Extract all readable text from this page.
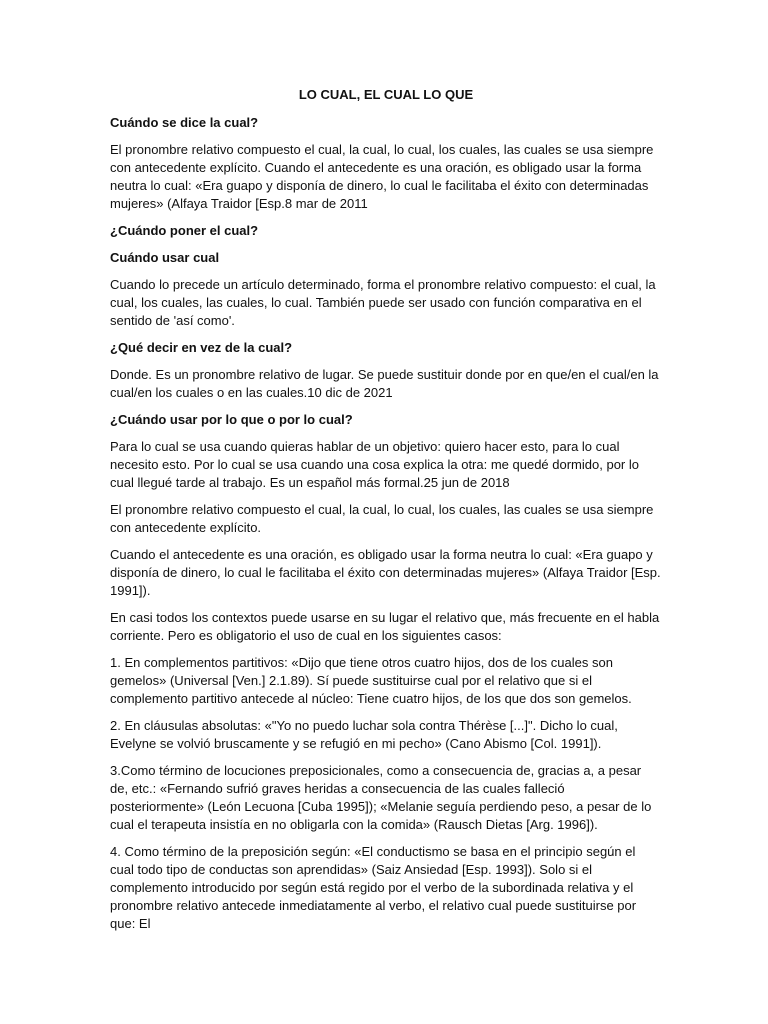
LO CUAL, EL CUAL LO QUE
Cuándo se dice la cual?
El pronombre relativo compuesto el cual, la cual, lo cual, los cuales, las cuales se usa siempre con antecedente explícito. Cuando el antecedente es una oración, es obligado usar la forma neutra lo cual: «Era guapo y disponía de dinero, lo cual le facilitaba el éxito con determinadas mujeres» (Alfaya Traidor [Esp.8 mar de 2011
¿Cuándo poner el cual?
Cuándo usar cual
Cuando lo precede un artículo determinado, forma el pronombre relativo compuesto: el cual, la cual, los cuales, las cuales, lo cual. También puede ser usado con función comparativa en el sentido de 'así como'.
¿Qué decir en vez de la cual?
Donde. Es un pronombre relativo de lugar. Se puede sustituir donde por en que/en el cual/en la cual/en los cuales o en las cuales.10 dic de 2021
¿Cuándo usar por lo que o por lo cual?
Para lo cual se usa cuando quieras hablar de un objetivo: quiero hacer esto, para lo cual necesito esto. Por lo cual se usa cuando una cosa explica la otra: me quedé dormido, por lo cual llegué tarde al trabajo. Es un español más formal.25 jun de 2018
El pronombre relativo compuesto el cual, la cual, lo cual, los cuales, las cuales se usa siempre con antecedente explícito.
Cuando el antecedente es una oración, es obligado usar la forma neutra lo cual: «Era guapo y disponía de dinero, lo cual le facilitaba el éxito con determinadas mujeres» (Alfaya Traidor [Esp. 1991]).
En casi todos los contextos puede usarse en su lugar el relativo que, más frecuente en el habla corriente. Pero es obligatorio el uso de cual en los siguientes casos:
1. En complementos partitivos: «Dijo que tiene otros cuatro hijos, dos de los cuales son gemelos» (Universal [Ven.] 2.1.89). Sí puede sustituirse cual por el relativo que si el complemento partitivo antecede al núcleo: Tiene cuatro hijos, de los que dos son gemelos.
2. En cláusulas absolutas: «"Yo no puedo luchar sola contra Thérèse [...]". Dicho lo cual, Evelyne se volvió bruscamente y se refugió en mi pecho» (Cano Abismo [Col. 1991]).
3.Como término de locuciones preposicionales, como a consecuencia de, gracias a, a pesar de, etc.: «Fernando sufrió graves heridas a consecuencia de las cuales falleció posteriormente» (León Lecuona [Cuba 1995]); «Melanie seguía perdiendo peso, a pesar de lo cual el terapeuta insistía en no obligarla con la comida» (Rausch Dietas [Arg. 1996]).
4. Como término de la preposición según: «El conductismo se basa en el principio según el cual todo tipo de conductas son aprendidas» (Saiz Ansiedad [Esp. 1993]). Solo si el complemento introducido por según está regido por el verbo de la subordinada relativa y el pronombre relativo antecede inmediatamente al verbo, el relativo cual puede sustituirse por que: El
